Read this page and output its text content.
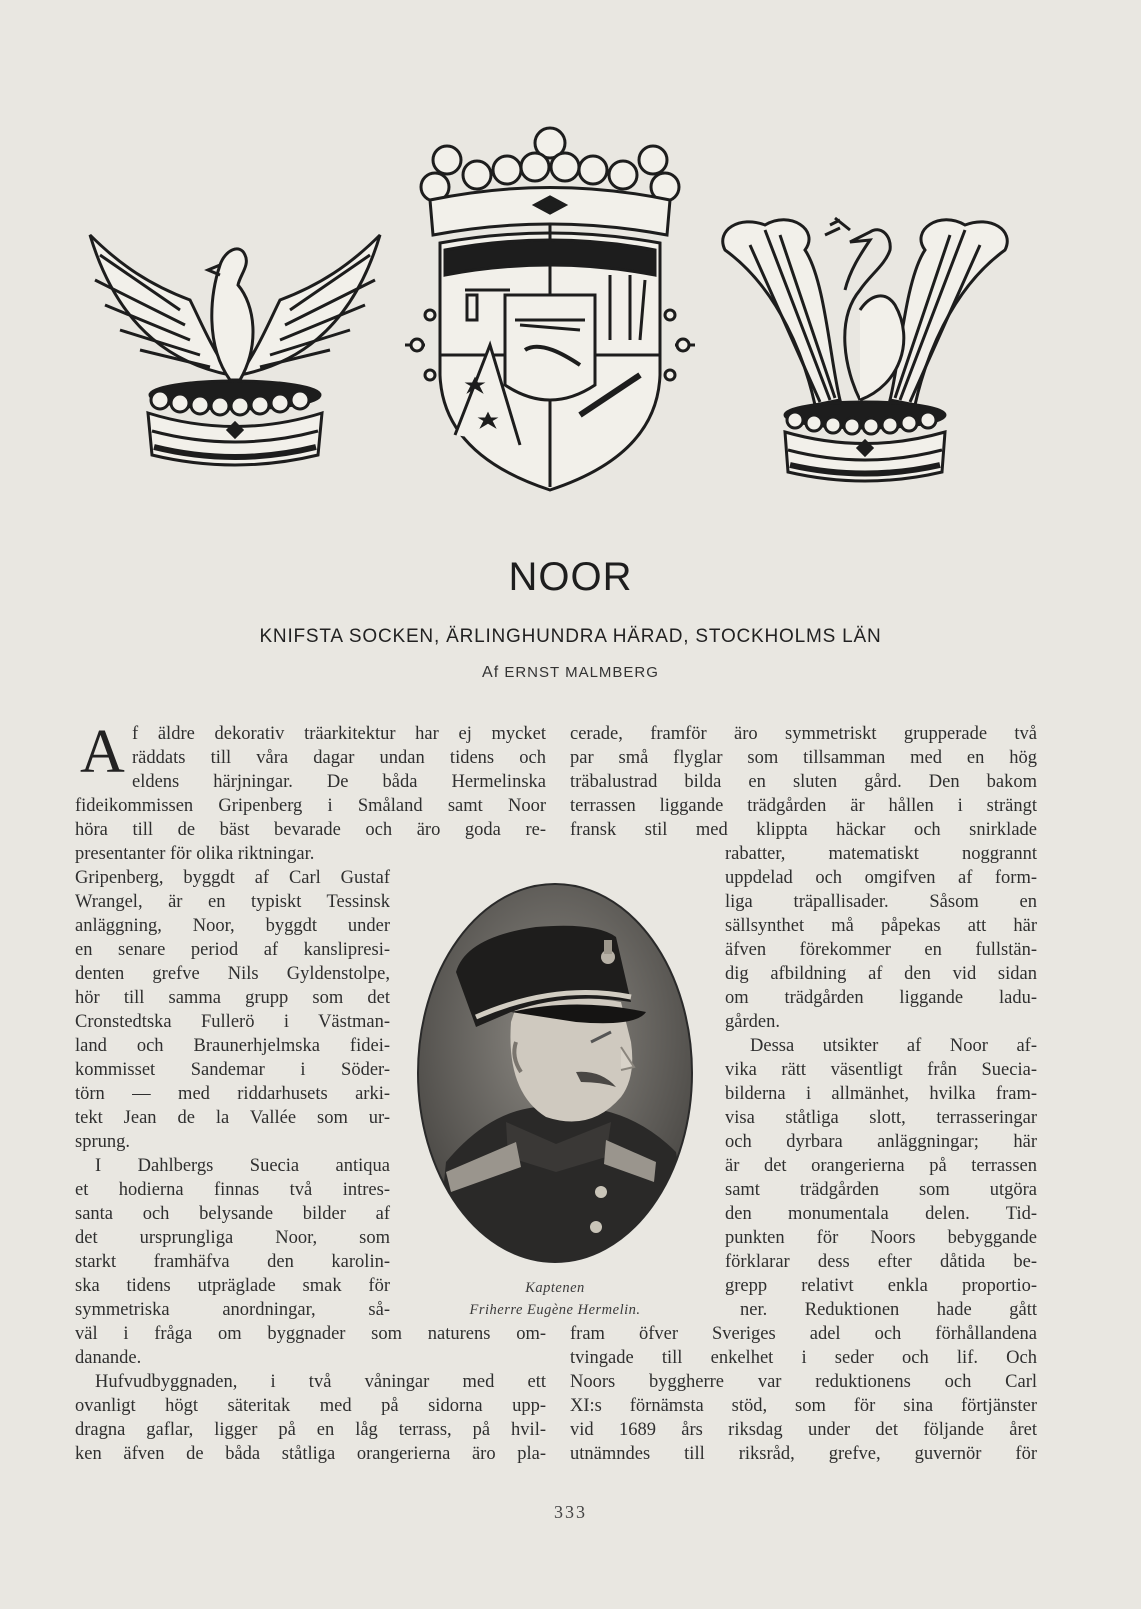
NOOR
KNIFSTA SOCKEN, ÄRLINGHUNDRA HÄRAD, STOCKHOLMS LÄN
Af ERNST MALMBERG
A f äldre dekorativ träarkitektur har ej mycket
räddats till våra dagar undan tidens och
eldens härjningar. De båda Hermelinska
fideikommissen Gripenberg i Småland samt Noor
höra till de bäst bevarade och äro goda re-
presentanter för olika riktningar.
Gripenberg, byggdt af Carl Gustaf
Wrangel, är en typiskt Tessinsk
anläggning, Noor, byggdt under
en senare period af kanslipresi-
denten grefve Nils Gyldenstolpe,
hör till samma grupp som det
Cronstedtska Fullerö i Västman-
land och Braunerhjelmska fidei-
kommisset Sandemar i Söder-
törn — med riddarhusets arki-
tekt Jean de la Vallée som ur-
sprung.
I Dahlbergs Suecia antiqua
et hodierna finnas två intres-
santa och belysande bilder af
det ursprungliga Noor, som
starkt framhäfva den karolin-
ska tidens utpräglade smak för
symmetriska anordningar, så-
väl i fråga om byggnader som naturens om-
danande.
Hufvudbyggnaden, i två våningar med ett
ovanligt högt säteritak med på sidorna upp-
dragna gaflar, ligger på en låg terrass, på hvil-
ken äfven de båda ståtliga orangerierna äro pla-
cerade, framför äro symmetriskt grupperade två
par små flyglar som tillsamman med en hög
träbalustrad bilda en sluten gård. Den bakom
terrassen liggande trädgården är hållen i strängt
fransk stil med klippta häckar och snirklade
rabatter, matematiskt noggrannt
uppdelad och omgifven af form-
liga träpallisader. Såsom en
sällsynthet må påpekas att här
äfven förekommer en fullstän-
dig afbildning af den vid sidan
om trädgården liggande ladu-
gården.
Dessa utsikter af Noor af-
vika rätt väsentligt från Suecia-
bilderna i allmänhet, hvilka fram-
visa ståtliga slott, terrasseringar
och dyrbara anläggningar; här
är det orangerierna på terrassen
samt trädgården som utgöra
den monumentala delen. Tid-
punkten för Noors bebyggande
förklarar dess efter dåtida be-
grepp relativt enkla proportio-
ner. Reduktionen hade gått
fram öfver Sveriges adel och förhållandena
tvingade till enkelhet i seder och lif. Och
Noors byggherre var reduktionens och Carl
XI:s förnämsta stöd, som för sina förtjänster
vid 1689 års riksdag under det följande året
utnämndes till riksråd, grefve, guvernör för
Kaptenen
Friherre Eugène Hermelin.
333
